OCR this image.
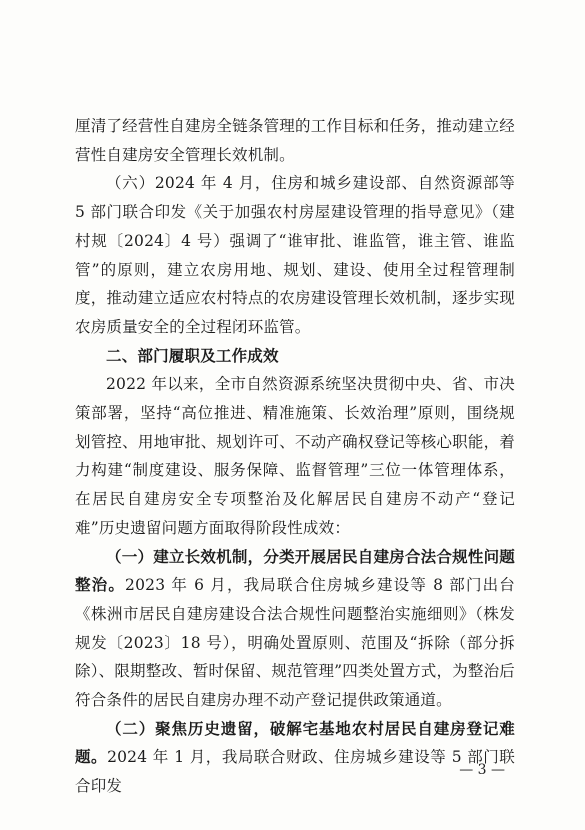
厘清了经营性自建房全链条管理的工作目标和任务，推动建立经营性自建房安全管理长效机制。

（六）2024 年 4 月，住房和城乡建设部、自然资源部等 5 部门联合印发《关于加强农村房屋建设管理的指导意见》（建村规〔2024〕4 号）强调了“谁审批、谁监管，谁主管、谁监管”的原则，建立农房用地、规划、建设、使用全过程管理制度，推动建立适应农村特点的农房建设管理长效机制，逐步实现农房质量安全的全过程闭环监管。

二、部门履职及工作成效

2022 年以来，全市自然资源系统坚决贯彻中央、省、市决策部署，坚持“高位推进、精准施策、长效治理”原则，围绕规划管控、用地审批、规划许可、不动产确权登记等核心职能，着力构建“制度建设、服务保障、监督管理”三位一体管理体系，在居民自建房安全专项整治及化解居民自建房不动产“登记难”历史遗留问题方面取得阶段性成效：

（一）建立长效机制，分类开展居民自建房合法合规性问题整治。2023 年 6 月，我局联合住房城乡建设等 8 部门出台《株洲市居民自建房建设合法合规性问题整治实施细则》（株发规发〔2023〕18 号），明确处置原则、范围及“拆除（部分拆除）、限期整改、暂时保留、规范管理”四类处置方式，为整治后符合条件的居民自建房办理不动产登记提供政策通道。

（二）聚焦历史遗留，破解宅基地农村居民自建房登记难题。2024 年 1 月，我局联合财政、住房城乡建设等 5 部门联合印发

— 3 —
